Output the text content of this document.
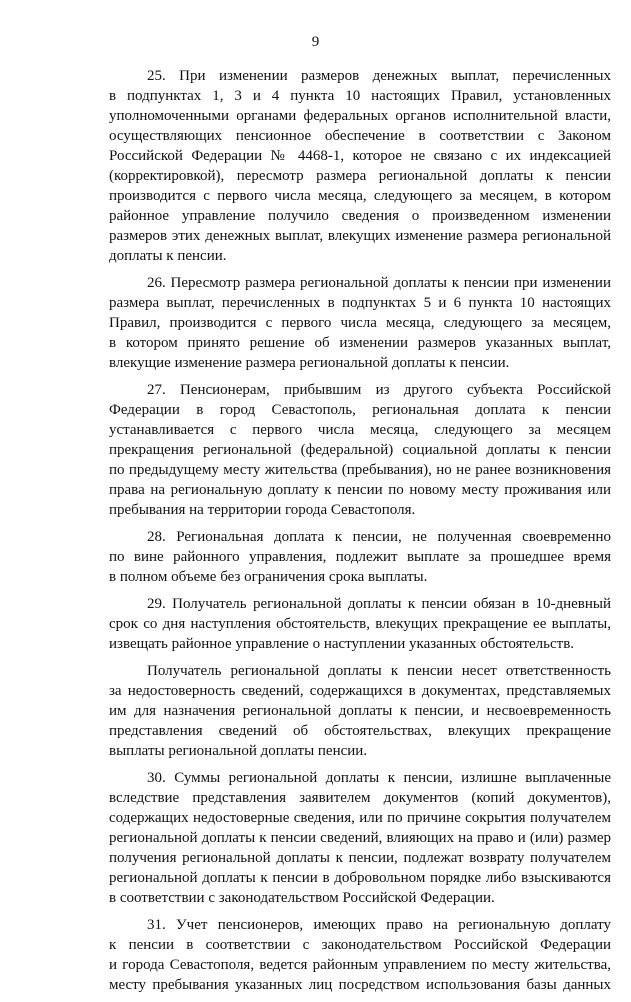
9
25. При изменении размеров денежных выплат, перечисленных
в подпунктах 1, 3 и 4 пункта 10 настоящих Правил, установленных
уполномоченными органами федеральных органов исполнительной власти,
осуществляющих пенсионное обеспечение в соответствии с Законом
Российской Федерации № 4468-1, которое не связано с их индексацией
(корректировкой), пересмотр размера региональной доплаты к пенсии
производится с первого числа месяца, следующего за месяцем, в котором
районное управление получило сведения о произведенном изменении
размеров этих денежных выплат, влекущих изменение размера региональной
доплаты к пенсии.
26. Пересмотр размера региональной доплаты к пенсии при изменении
размера выплат, перечисленных в подпунктах 5 и 6 пункта 10 настоящих
Правил, производится с первого числа месяца, следующего за месяцем,
в котором принято решение об изменении размеров указанных выплат,
влекущие изменение размера региональной доплаты к пенсии.
27. Пенсионерам, прибывшим из другого субъекта Российской
Федерации в город Севастополь, региональная доплата к пенсии
устанавливается с первого числа месяца, следующего за месяцем
прекращения региональной (федеральной) социальной доплаты к пенсии
по предыдущему месту жительства (пребывания), но не ранее возникновения
права на региональную доплату к пенсии по новому месту проживания или
пребывания на территории города Севастополя.
28. Региональная доплата к пенсии, не полученная своевременно
по вине районного управления, подлежит выплате за прошедшее время
в полном объеме без ограничения срока выплаты.
29. Получатель региональной доплаты к пенсии обязан в 10-дневный
срок со дня наступления обстоятельств, влекущих прекращение ее выплаты,
извещать районное управление о наступлении указанных обстоятельств.
Получатель региональной доплаты к пенсии несет ответственность
за недостоверность сведений, содержащихся в документах, представляемых
им для назначения региональной доплаты к пенсии, и несвоевременность
представления сведений об обстоятельствах, влекущих прекращение
выплаты региональной доплаты пенсии.
30. Суммы региональной доплаты к пенсии, излишне выплаченные
вследствие представления заявителем документов (копий документов),
содержащих недостоверные сведения, или по причине сокрытия получателем
региональной доплаты к пенсии сведений, влияющих на право и (или) размер
получения региональной доплаты к пенсии, подлежат возврату получателем
региональной доплаты к пенсии в добровольном порядке либо взыскиваются
в соответствии с законодательством Российской Федерации.
31. Учет пенсионеров, имеющих право на региональную доплату
к пенсии в соответствии с законодательством Российской Федерации
и города Севастополя, ведется районным управлением по месту жительства,
месту пребывания указанных лиц посредством использования базы данных
